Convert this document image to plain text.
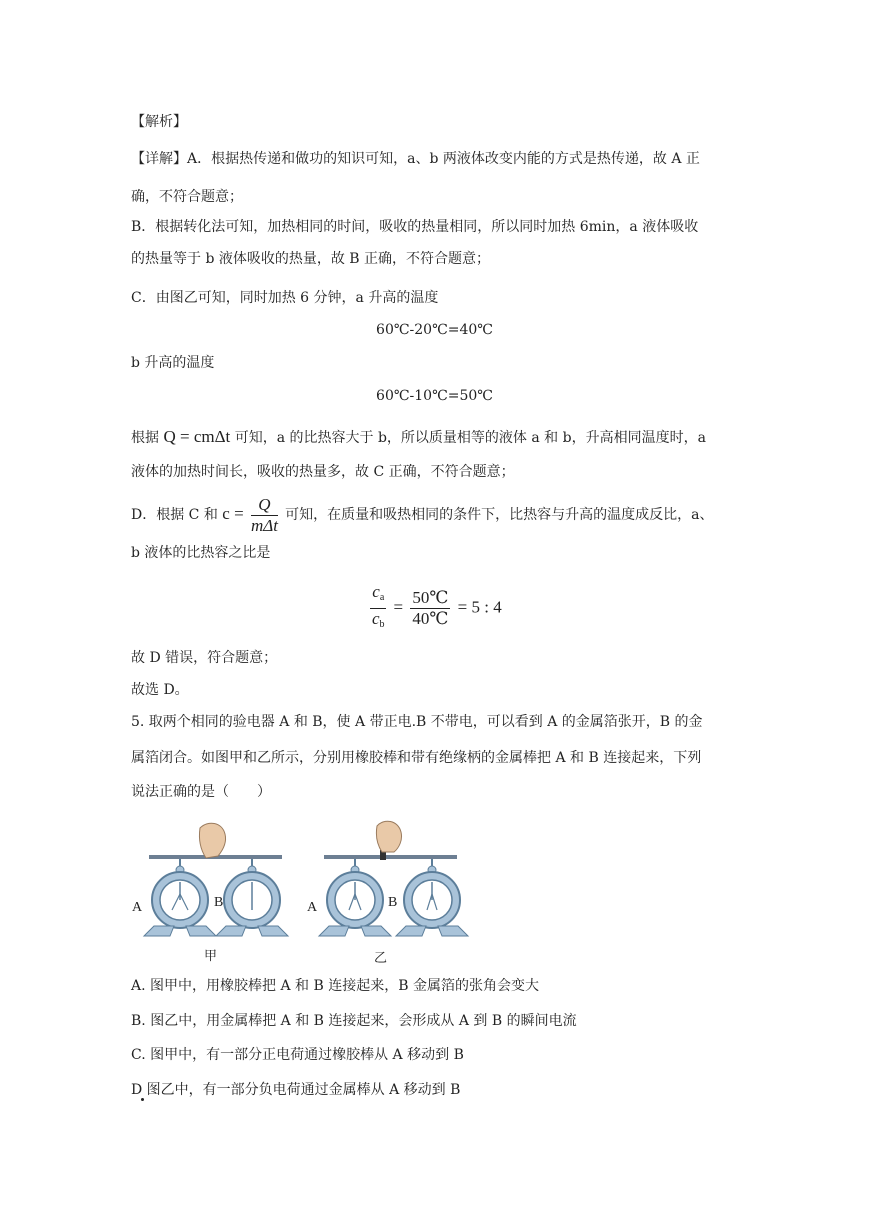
【解析】
【详解】A．根据热传递和做功的知识可知，a、b 两液体改变内能的方式是热传递，故 A 正
确，不符合题意；
B．根据转化法可知，加热相同的时间，吸收的热量相同，所以同时加热 6min，a 液体吸收
的热量等于 b 液体吸收的热量，故 B 正确，不符合题意；
C．由图乙可知，同时加热 6 分钟，a 升高的温度
60℃-20℃=40℃
b 升高的温度
60℃-10℃=50℃
根据 Q = cmΔt 可知，a 的比热容大于 b，所以质量相等的液体 a 和 b，升高相同温度时，a
液体的加热时间长，吸收的热量多，故 C 正确，不符合题意；
D．根据 C 和 $c = \frac{Q}{\text{mΔt}}$ 可知，在质量和吸热相同的条件下，比热容与升高的温度成反比，a、
b 液体的比热容之比是
$\frac{c_a}{c_b} = \frac{50℃}{40℃} = 5$ : 4
故 D 错误，符合题意；
故选 D。
5. 取两个相同的验电器 A 和 B，使 A 带正电.B 不带电，可以看到 A 的金属箔张开，B 的金
属箔闭合。如图甲和乙所示，分别用橡胶棒和带有绝缘柄的金属棒把 A 和 B 连接起来，下列
说法正确的是（　　）
A	B
甲
A	B
乙
A. 图甲中，用橡胶棒把 A 和 B 连接起来，B 金属箔的张角会变大
B. 图乙中，用金属棒把 A 和 B 连接起来，会形成从 A 到 B 的瞬间电流
C. 图甲中，有一部分正电荷通过橡胶棒从 A 移动到 B
D 图乙中，有一部分负电荷通过金属棒从 A 移动到 B
